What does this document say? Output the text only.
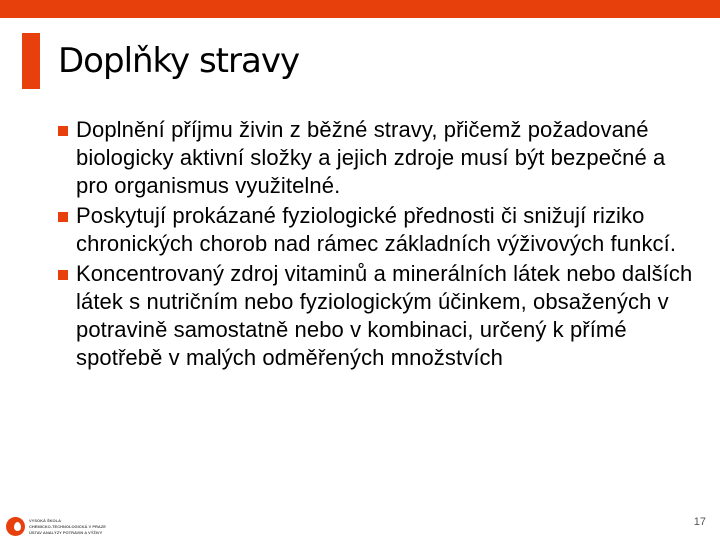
Doplňky stravy
Doplnění příjmu živin z běžné stravy, přičemž požadované biologicky aktivní složky a jejich zdroje musí být bezpečné a pro organismus využitelné.
Poskytují prokázané fyziologické přednosti či snižují riziko chronických chorob nad rámec základních výživových funkcí.
Koncentrovaný zdroj vitaminů a minerálních látek nebo dalších látek s nutričním nebo fyziologickým účinkem, obsažených v potravině samostatně nebo v kombinaci, určený k přímé spotřebě v malých odměřených množstvích
VYSOKÁ ŠKOLA
CHEMICKO-TECHNOLOGICKÁ V PRAZE
ÚSTAV ANALÝZY POTRAVIN A VÝŽIVY
17
